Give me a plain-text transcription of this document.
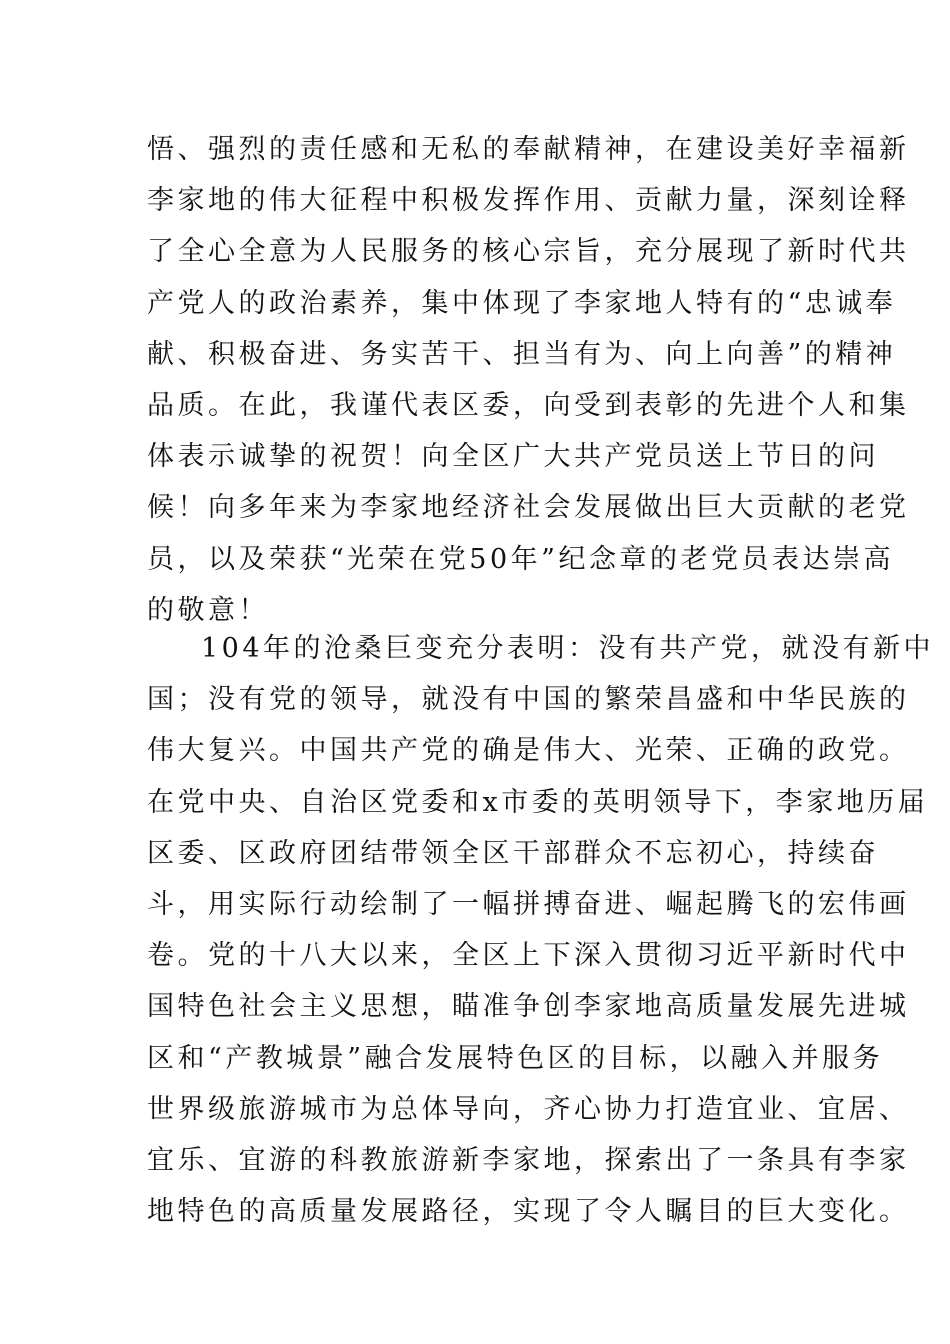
悟、强烈的责任感和无私的奉献精神，在建设美好幸福新
李家地的伟大征程中积极发挥作用、贡献力量，深刻诠释
了全心全意为人民服务的核心宗旨，充分展现了新时代共
产党人的政治素养，集中体现了李家地人特有的“忠诚奉
献、积极奋进、务实苦干、担当有为、向上向善”的精神
品质。在此，我谨代表区委，向受到表彰的先进个人和集
体表示诚挚的祝贺！向全区广大共产党员送上节日的问
候！向多年来为李家地经济社会发展做出巨大贡献的老党
员，以及荣获“光荣在党50年”纪念章的老党员表达崇高
的敬意！
104年的沧桑巨变充分表明：没有共产党，就没有新中
国；没有党的领导，就没有中国的繁荣昌盛和中华民族的
伟大复兴。中国共产党的确是伟大、光荣、正确的政党。
在党中央、自治区党委和x市委的英明领导下，李家地历届
区委、区政府团结带领全区干部群众不忘初心，持续奋
斗，用实际行动绘制了一幅拼搏奋进、崛起腾飞的宏伟画
卷。党的十八大以来，全区上下深入贯彻习近平新时代中
国特色社会主义思想，瞄准争创李家地高质量发展先进城
区和“产教城景”融合发展特色区的目标，以融入并服务
世界级旅游城市为总体导向，齐心协力打造宜业、宜居、
宜乐、宜游的科教旅游新李家地，探索出了一条具有李家
地特色的高质量发展路径，实现了令人瞩目的巨大变化。
